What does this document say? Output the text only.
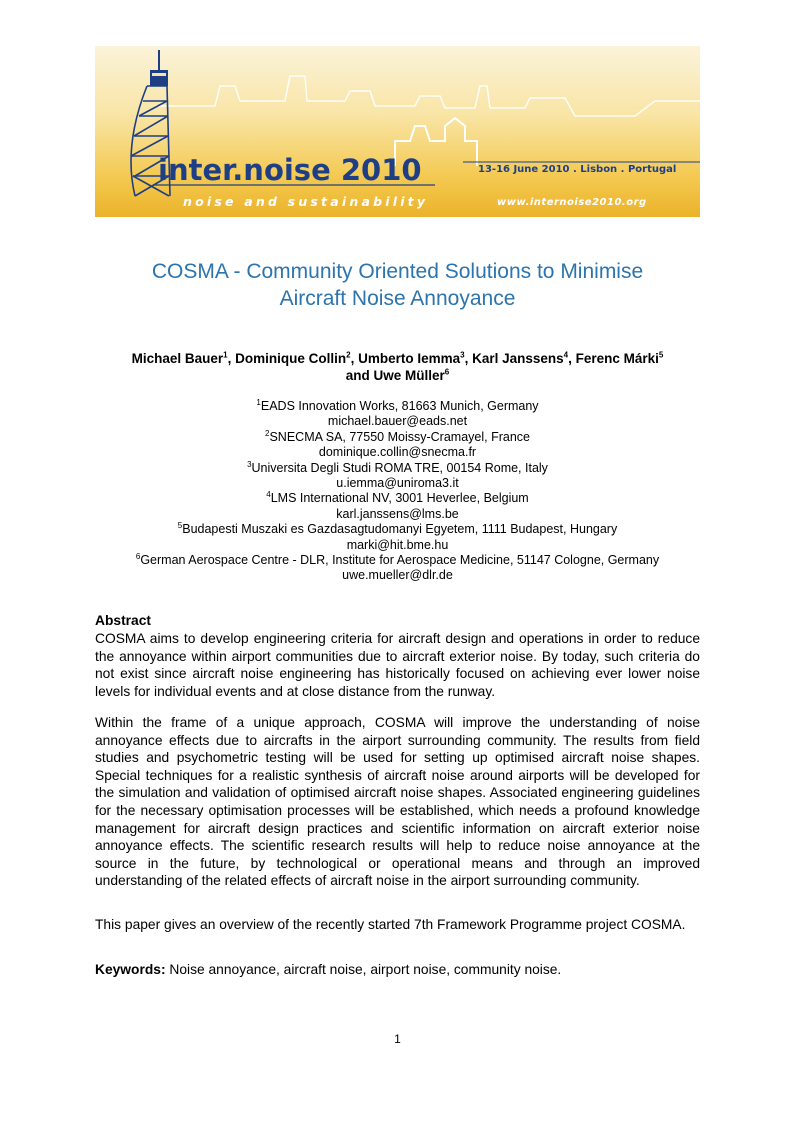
inter.noise 2010
noise and sustainability
13-16 June 2010 . Lisbon . Portugal
www.internoise2010.org
COSMA - Community Oriented Solutions to Minimise
Aircraft Noise Annoyance

Michael Bauer$^1$, Dominique Collin$^2$, Umberto Iemma$^3$, Karl Janssens$^4$, Ferenc Márki$^5$
and Uwe Müller$^6$

$^1$EADS Innovation Works, 81663 Munich, Germany

michael.bauer@eads.net

$^2$SNECMA SA, 77550 Moissy-Cramayel, France

dominique.collin@snecma.fr

$^3$Universita Degli Studi ROMA TRE, 00154 Rome, Italy

u.iemma@uniroma3.it

$^4$LMS International NV, 3001 Heverlee, Belgium

karl.janssens@lms.be

$^5$Budapesti Muszaki es Gazdasagtudomanyi Egyetem, 1111 Budapest, Hungary

marki@hit.bme.hu

$^6$German Aerospace Centre - DLR, Institute for Aerospace Medicine, 51147 Cologne, Germany

uwe.mueller@dlr.de

Abstract

COSMA aims to develop engineering criteria for aircraft design and operations in order to reduce the annoyance within airport communities due to aircraft exterior noise. By today, such criteria do not exist since aircraft noise engineering has historically focused on achieving ever lower noise levels for individual events and at close distance from the runway.

Within the frame of a unique approach, COSMA will improve the understanding of noise annoyance effects due to aircrafts in the airport surrounding community. The results from field studies and psychometric testing will be used for setting up optimised aircraft noise shapes. Special techniques for a realistic synthesis of aircraft noise around airports will be developed for the simulation and validation of optimised aircraft noise shapes. Associated engineering guidelines for the necessary optimisation processes will be established, which needs a profound knowledge management for aircraft design practices and scientific information on aircraft exterior noise annoyance effects. The scientific research results will help to reduce noise annoyance at the source in the future, by technological or operational means and through an improved understanding of the related effects of aircraft noise in the airport surrounding community.

This paper gives an overview of the recently started 7th Framework Programme project COSMA.

Keywords: Noise annoyance, aircraft noise, airport noise, community noise.

1
